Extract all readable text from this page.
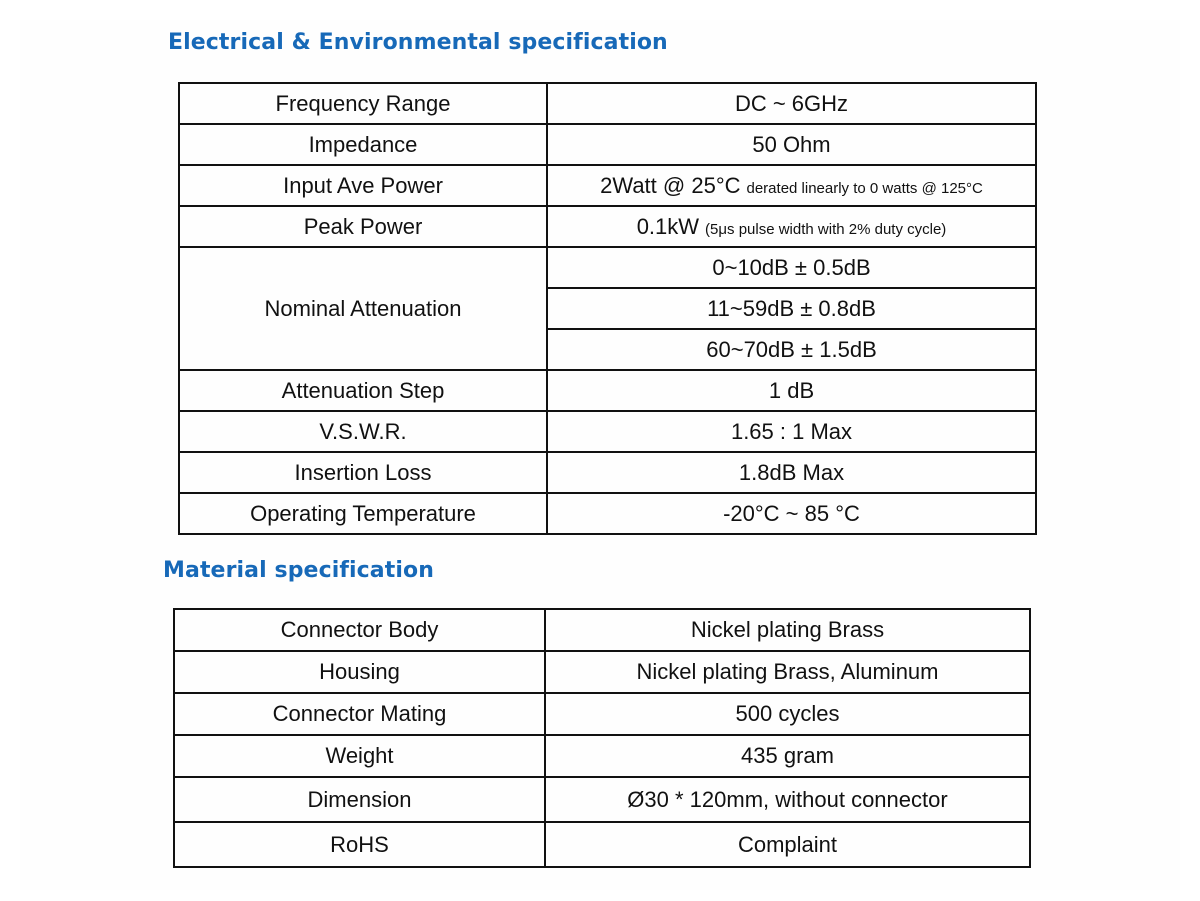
Electrical & Environmental specification
Frequency Range	DC ~ 6GHz
Impedance	50 Ohm
Input Ave Power	2Watt @ 25°C derated linearly to 0 watts @ 125°C
Peak Power	0.1kW (5μs pulse width with 2% duty cycle)
Nominal Attenuation	0~10dB ± 0.5dB
	11~59dB ± 0.8dB
	60~70dB ± 1.5dB
Attenuation Step	1 dB
V.S.W.R.	1.65 : 1 Max
Insertion Loss	1.8dB Max
Operating Temperature	-20°C ~ 85 °C
Material specification
Connector Body	Nickel plating Brass
Housing	Nickel plating Brass, Aluminum
Connector Mating	500 cycles
Weight	435 gram
Dimension	Ø30 * 120mm, without connector
RoHS	Complaint
